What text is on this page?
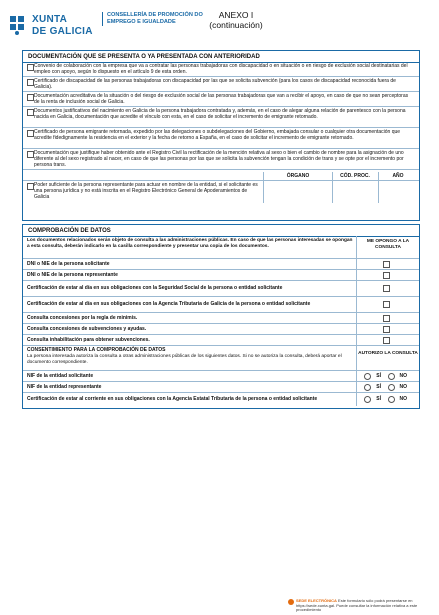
XUNTA
DE GALICIA
CONSELLERÍA DE PROMOCIÓN DO EMPREGO E IGUALDADE
ANEXO I
(continuación)
DOCUMENTACIÓN QUE SE PRESENTA O YA PRESENTADA CON ANTERIORIDAD
Convenio de colaboración con la empresa que va a contratar las personas trabajadoras con discapacidad o en situación o en riesgo de exclusión social destinatarias del empleo con apoyo, según lo dispuesto en el artículo 9 de esta orden.
Certificado de discapacidad de las personas trabajadoras con discapacidad por las que se solicita subvención (para los casos de discapacidad reconocida fuera de Galicia).
Documentación acreditativa de la situación o del riesgo de exclusión social de las personas trabajadoras que van a recibir el apoyo, en caso de que no sean perceptoras de la renta de inclusión social de Galicia.
Documentos justificativos del nacimiento en Galicia de la persona trabajadora contratada y, además, en el caso de alegar alguna relación de parentesco con la persona nacida en Galicia, documentación que acredite el vínculo con esta, en el caso de solicitar el incremento de emigrante retornado.
Certificado de persona emigrante retornada, expedido por las delegaciones o subdelegaciones del Gobierno, embajada consular o cualquier otra documentación que acredite fidedignamente la residencia en el exterior y la fecha de retorno a España, en el caso de solicitar el incremento de emigrante retornado.
Documentación que justifique haber obtenido ante el Registro Civil la rectificación de la mención relativa al sexo o bien el cambio de nombre para la asignación de uno diferente al del sexo registrado al nacer, en caso de que las personas por las que se solicita la subvención tengan la condición de trans y se opte por el incremento por persona trans.
ÓRGANO	CÓD. PROC.	AÑO
Poder suficiente de la persona representante para actuar en nombre de la entidad, si el solicitante es una persona jurídica y no está inscrita en el Registro Electrónico General de Apoderamientos de Galicia
COMPROBACIÓN DE DATOS
Los documentos relacionados serán objeto de consulta a las administraciones públicas. En caso de que las personas interesadas se opongan a esta consulta, deberán indicarlo en la casilla correspondiente y presentar una copia de los documentos.
ME OPONGO A LA CONSULTA
DNI o NIE de la persona solicitante
DNI o NIE de la persona representante
Certificación de estar al día en sus obligaciones con la Seguridad Social de la persona o entidad solicitante
Certificación de estar al día en sus obligaciones con la Agencia Tributaria de Galicia de la persona o entidad solicitante
Consulta concesiones por la regla de minimis.
Consulta concesiones de subvenciones y ayudas.
Consulta inhabilitación para obtener subvenciones.
CONSENTIMIENTO PARA LA COMPROBACIÓN DE DATOS
La persona interesada autoriza la consulta a otras administraciones públicas de los siguientes datos. Si no se autoriza la consulta, deberá aportar el documento correspondiente.
AUTORIZO LA CONSULTA
NIF de la entidad solicitante	SÍ	NO
NIF de la entidad representante	SÍ	NO
Certificación de estar al corriente en sus obligaciones con la Agencia Estatal Tributaria de la persona o entidad solicitante	SÍ	NO
SEDE ELECTRÓNICA Este formulario sólo podrá presentarse en https://sede.xunta.gal. Puede consultar la información relativa a este procedimiento
